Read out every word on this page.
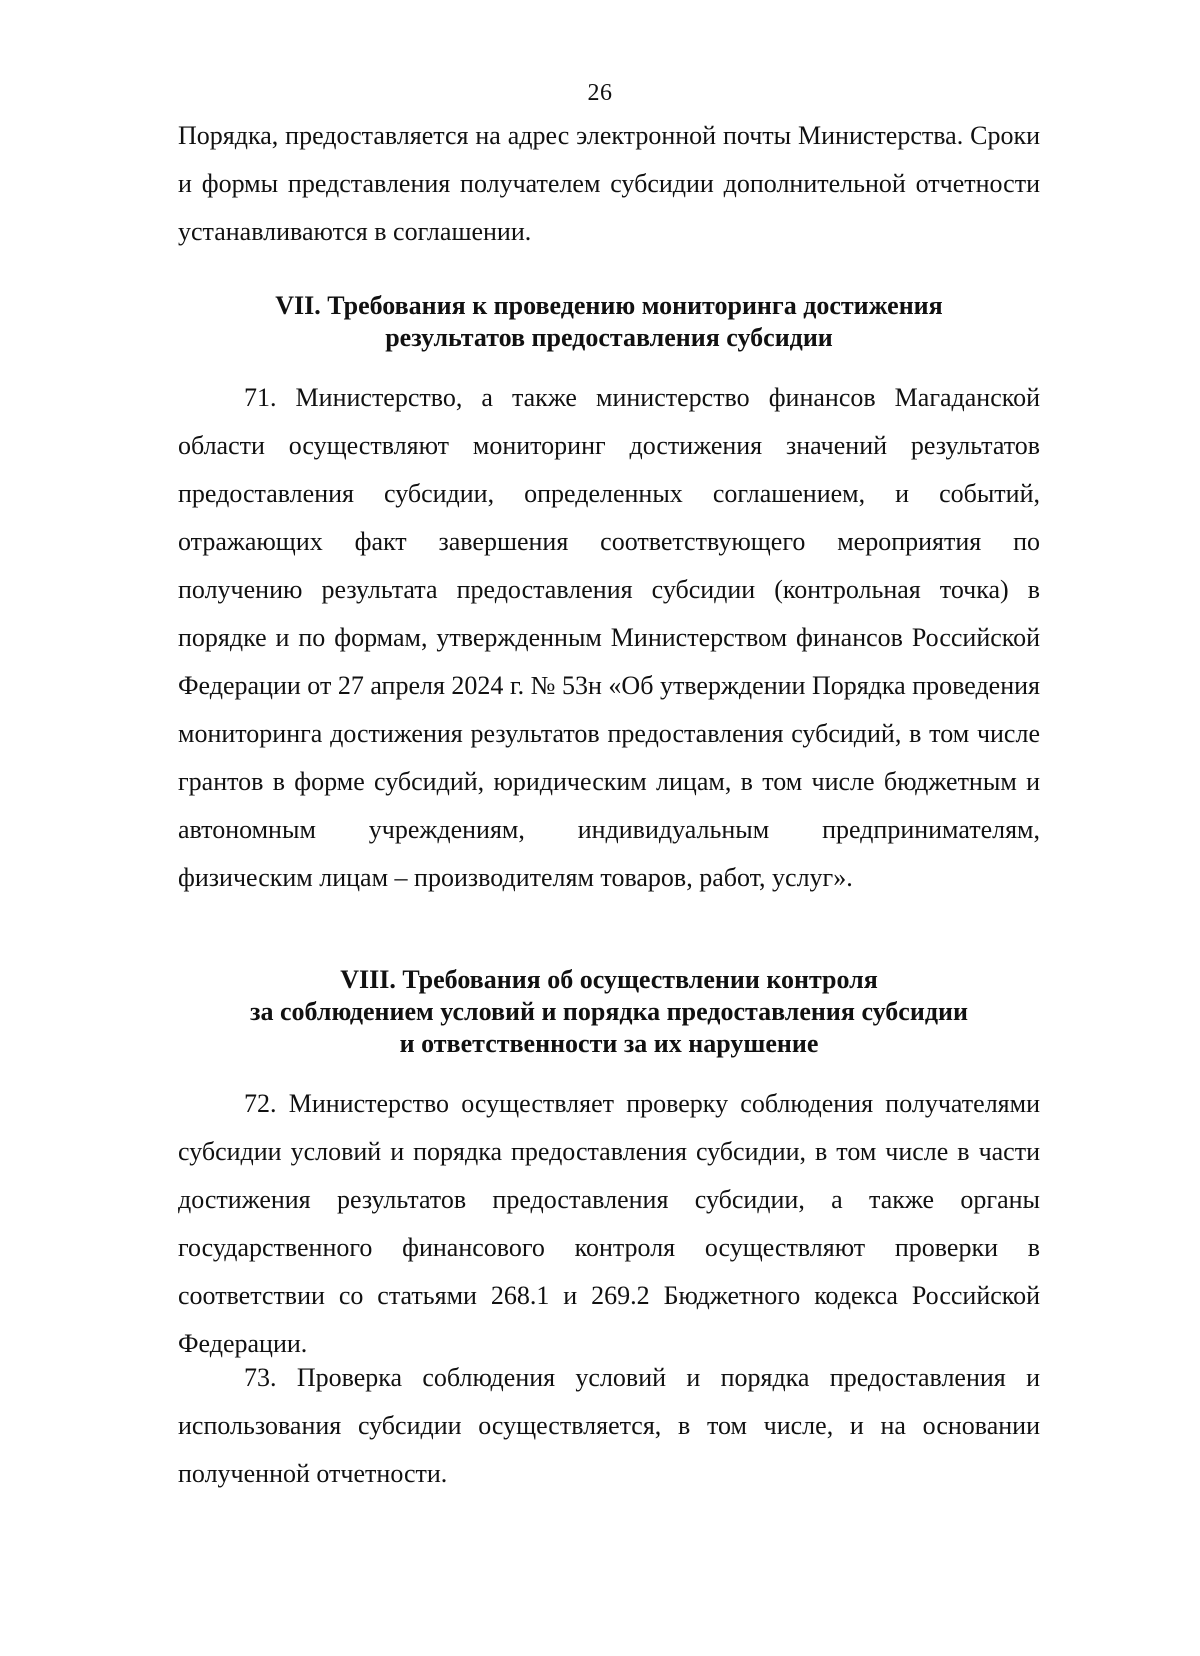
26

Порядка, предоставляется на адрес электронной почты Министерства. Сроки и формы представления получателем субсидии дополнительной отчетности устанавливаются в соглашении.

VII. Требования к проведению мониторинга достижения
результатов предоставления субсидии

71. Министерство, а также министерство финансов Магаданской области осуществляют мониторинг достижения значений результатов предоставления субсидии, определенных соглашением, и событий, отражающих факт завершения соответствующего мероприятия по получению результата предоставления субсидии (контрольная точка) в порядке и по формам, утвержденным Министерством финансов Российской Федерации от 27 апреля 2024 г. № 53н «Об утверждении Порядка проведения мониторинга достижения результатов предоставления субсидий, в том числе грантов в форме субсидий, юридическим лицам, в том числе бюджетным и автономным учреждениям, индивидуальным предпринимателям, физическим лицам – производителям товаров, работ, услуг».

VIII. Требования об осуществлении контроля
за соблюдением условий и порядка предоставления субсидии
и ответственности за их нарушение

72. Министерство осуществляет проверку соблюдения получателями субсидии условий и порядка предоставления субсидии, в том числе в части достижения результатов предоставления субсидии, а также органы государственного финансового контроля осуществляют проверки в соответствии со статьями 268.1 и 269.2 Бюджетного кодекса Российской Федерации.

73. Проверка соблюдения условий и порядка предоставления и использования субсидии осуществляется, в том числе, и на основании полученной отчетности.
